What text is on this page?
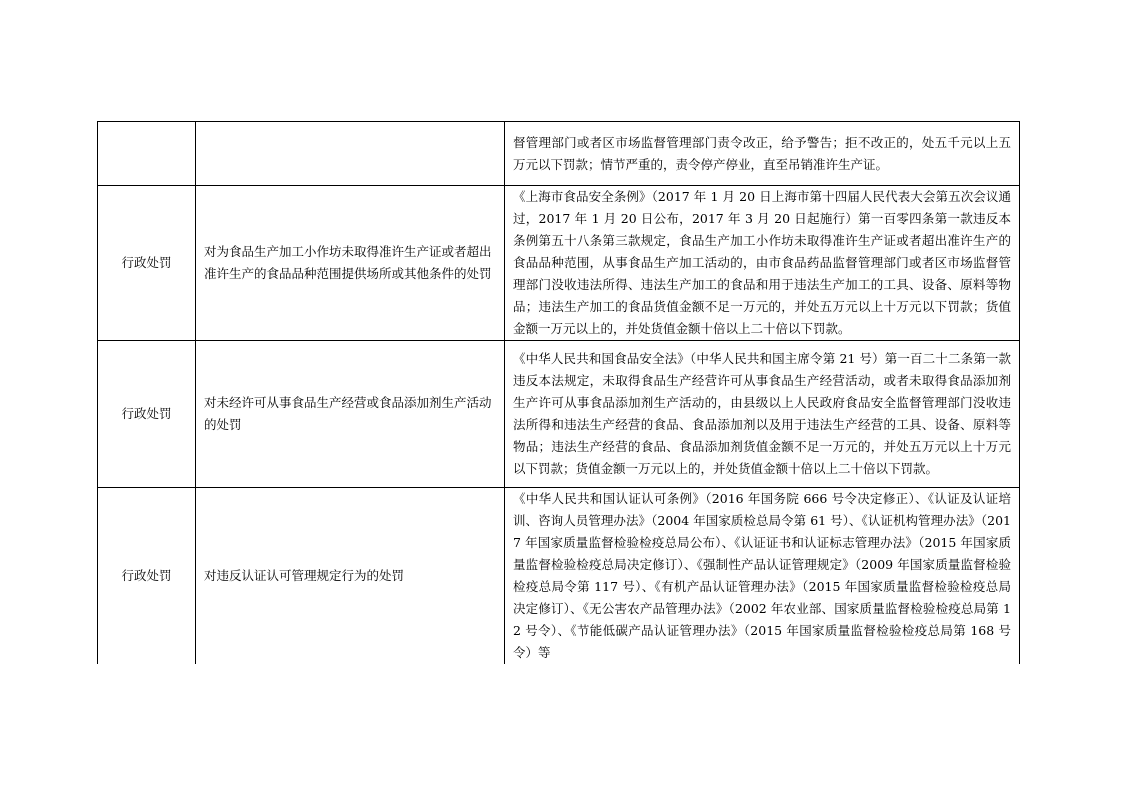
		督管理部门或者区市场监督管理部门责令改正，给予警告；拒不改正的，处五千元以上五万元以下罚款；情节严重的，责令停产停业，直至吊销准许生产证。
行政处罚	对为食品生产加工小作坊未取得准许生产证或者超出准许生产的食品品种范围提供场所或其他条件的处罚	《上海市食品安全条例》（2017 年 1 月 20 日上海市第十四届人民代表大会第五次会议通过，2017 年 1 月 20 日公布，2017 年 3 月 20 日起施行）第一百零四条第一款违反本条例第五十八条第三款规定，食品生产加工小作坊未取得准许生产证或者超出准许生产的食品品种范围，从事食品生产加工活动的，由市食品药品监督管理部门或者区市场监督管理部门没收违法所得、违法生产加工的食品和用于违法生产加工的工具、设备、原料等物品；违法生产加工的食品货值金额不足一万元的，并处五万元以上十万元以下罚款；货值金额一万元以上的，并处货值金额十倍以上二十倍以下罚款。
行政处罚	对未经许可从事食品生产经营或食品添加剂生产活动的处罚	《中华人民共和国食品安全法》（中华人民共和国主席令第 21 号）第一百二十二条第一款违反本法规定，未取得食品生产经营许可从事食品生产经营活动，或者未取得食品添加剂生产许可从事食品添加剂生产活动的，由县级以上人民政府食品安全监督管理部门没收违法所得和违法生产经营的食品、食品添加剂以及用于违法生产经营的工具、设备、原料等物品；违法生产经营的食品、食品添加剂货值金额不足一万元的，并处五万元以上十万元以下罚款；货值金额一万元以上的，并处货值金额十倍以上二十倍以下罚款。
行政处罚	对违反认证认可管理规定行为的处罚	《中华人民共和国认证认可条例》（2016 年国务院 666 号令决定修正）、《认证及认证培训、咨询人员管理办法》（2004 年国家质检总局令第 61 号）、《认证机构管理办法》（2017 年国家质量监督检验检疫总局公布）、《认证证书和认证标志管理办法》（2015 年国家质量监督检验检疫总局决定修订）、《强制性产品认证管理规定》（2009 年国家质量监督检验检疫总局令第 117 号）、《有机产品认证管理办法》（2015 年国家质量监督检验检疫总局决定修订）、《无公害农产品管理办法》（2002 年农业部、国家质量监督检验检疫总局第 12 号令）、《节能低碳产品认证管理办法》（2015 年国家质量监督检验检疫总局第 168 号令）等
